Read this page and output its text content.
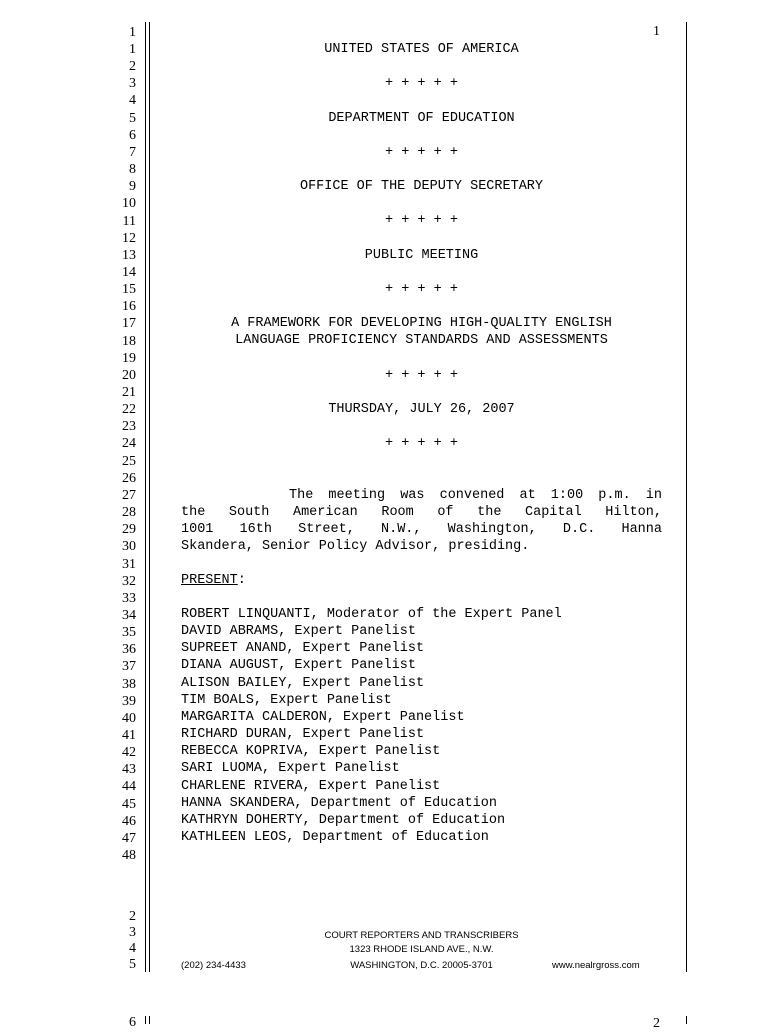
1
1
1
2
3
4
5
6
7
8
9
10
11
12
13
14
15
16
17
18
19
20
21
22
23
24
25
26
27
28
29
30
31
32
33
34
35
36
37
38
39
40
41
42
43
44
45
46
47
48
UNITED STATES OF AMERICA
+ + + + +
DEPARTMENT OF EDUCATION
+ + + + +
OFFICE OF THE DEPUTY SECRETARY
+ + + + +
PUBLIC MEETING
+ + + + +
A FRAMEWORK FOR DEVELOPING HIGH-QUALITY ENGLISH
LANGUAGE PROFICIENCY STANDARDS AND ASSESSMENTS
+ + + + +
THURSDAY, JULY 26, 2007
+ + + + +
The meeting was convened at 1:00 p.m. in
the South American Room of the Capital Hilton,
1001 16th Street, N.W., Washington, D.C. Hanna
Skandera, Senior Policy Advisor, presiding.
PRESENT:
ROBERT LINQUANTI, Moderator of the Expert Panel
DAVID ABRAMS, Expert Panelist
SUPREET ANAND, Expert Panelist
DIANA AUGUST, Expert Panelist
ALISON BAILEY, Expert Panelist
TIM BOALS, Expert Panelist
MARGARITA CALDERON, Expert Panelist
RICHARD DURAN, Expert Panelist
REBECCA KOPRIVA, Expert Panelist
SARI LUOMA, Expert Panelist
CHARLENE RIVERA, Expert Panelist
HANNA SKANDERA, Department of Education
KATHRYN DOHERTY, Department of Education
KATHLEEN LEOS, Department of Education
2
3
4
5
COURT REPORTERS AND TRANSCRIBERS
1323 RHODE ISLAND AVE., N.W.
(202) 234-4433	WASHINGTON, D.C. 20005-3701	www.nealrgross.com
6	2
